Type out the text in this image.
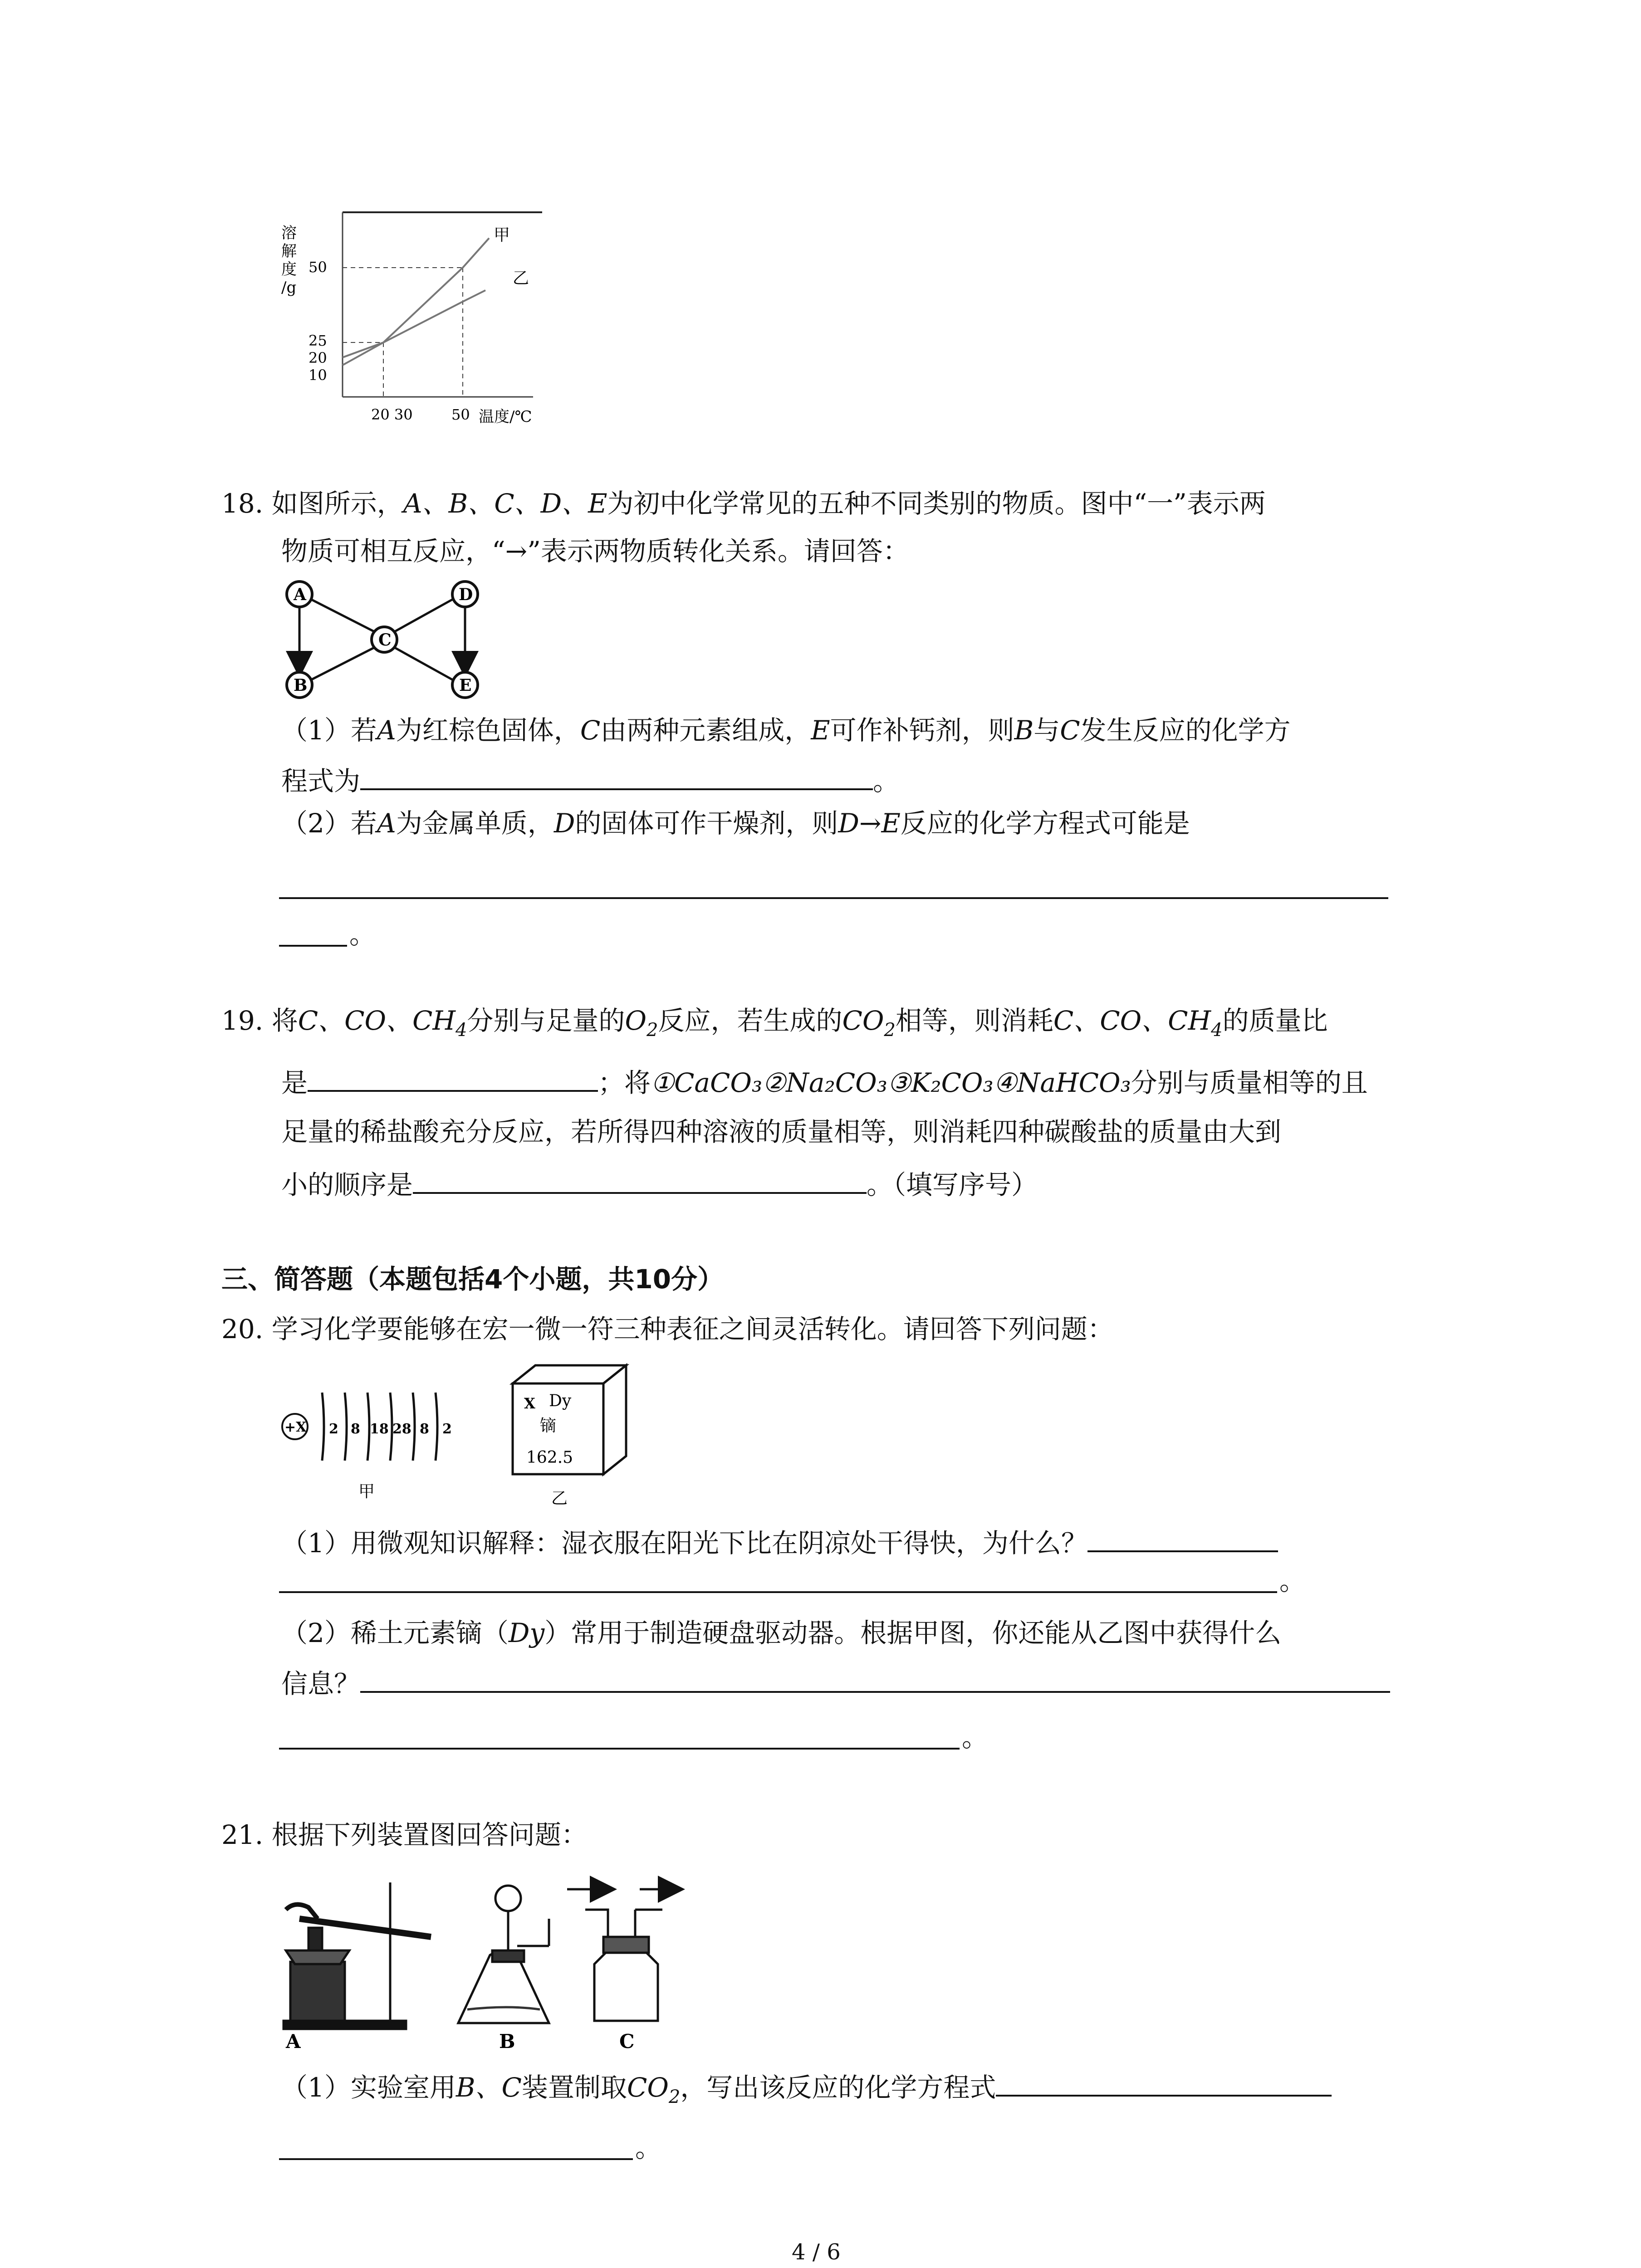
溶
解
度
/g
50
25
20
10
20 30	50 温度/℃
甲
乙
18. 如图所示，A、B、C、D、E为初中化学常见的五种不同类别的物质。图中“一”表示两
物质可相互反应，“→”表示两物质转化关系。请回答：
A
B
C
D
E
（1）若A为红棕色固体，C由两种元素组成，E可作补钙剂，则B与C发生反应的化学方
程式为	。
（2）若A为金属单质，D的固体可作干燥剂，则D→E反应的化学方程式可能是
。
19. 将C、CO、$CH_4$分别与足量的$O_2$反应，若生成的$CO_2$相等，则消耗C、CO、$CH_4$的质量比
是	；将①CaCO₃②Na₂CO₃③K₂CO₃④NaHCO₃分别与质量相等的且
足量的稀盐酸充分反应，若所得四种溶液的质量相等，则消耗四种碳酸盐的质量由大到
小的顺序是	。（填写序号）
三、简答题（本题包括4个小题，共10分）
20. 学习化学要能够在宏一微一符三种表征之间灵活转化。请回答下列问题：
+X 2 8 18 28 8 2
甲
X Dy
镝
162.5
乙
（1）用微观知识解释：湿衣服在阳光下比在阴凉处干得快，为什么？
。
（2）稀土元素镝（Dy）常用于制造硬盘驱动器。根据甲图，你还能从乙图中获得什么
信息？
。
21. 根据下列装置图回答问题：
A	B	C
（1）实验室用B、C装置制取$CO_2$，写出该反应的化学方程式
。
4 / 6
